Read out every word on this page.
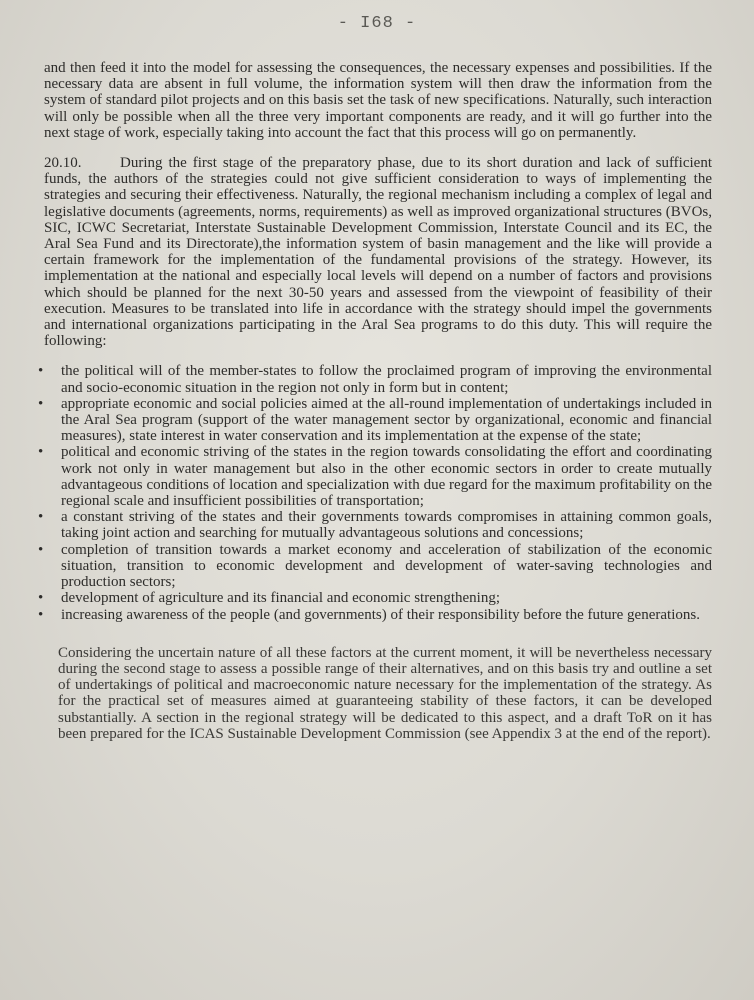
- I68 -

and then feed it into the model for assessing the consequences, the necessary expenses and possibilities. If the necessary data are absent in full volume, the information system will then draw the information from the system of standard pilot projects and on this basis set the task of new specifications. Naturally, such interaction will only be possible when all the three very important components are ready, and it will go further into the next stage of work, especially taking into account the fact that this process will go on permanently.

20.10.	During the first stage of the preparatory phase, due to its short duration and lack of sufficient funds, the authors of the strategies could not give sufficient consideration to ways of implementing the strategies and securing their effectiveness. Naturally, the regional mechanism including a complex of legal and legislative documents (agreements, norms, requirements) as well as improved organizational structures (BVOs, SIC, ICWC Secretariat, Interstate Sustainable Development Commission, Interstate Council and its EC, the Aral Sea Fund and its Directorate),the information system of basin management and the like will provide a certain framework for the implementation of the fundamental provisions of the strategy. However, its implementation at the national and especially local levels will depend on a number of factors and provisions which should be planned for the next 30-50 years and assessed from the viewpoint of feasibility of their execution. Measures to be translated into life in accordance with the strategy should impel the governments and international organizations participating in the Aral Sea programs to do this duty. This will require the following:

• the political will of the member-states to follow the proclaimed program of improving the environmental and socio-economic situation in the region not only in form but in content;
• appropriate economic and social policies aimed at the all-round implementation of undertakings included in the Aral Sea program (support of the water management sector by organizational, economic and financial measures), state interest in water conservation and its implementation at the expense of the state;
• political and economic striving of the states in the region towards consolidating the effort and coordinating work not only in water management but also in the other economic sectors in order to create mutually advantageous conditions of location and specialization with due regard for the maximum profitability on the regional scale and insufficient possibilities of transportation;
• a constant striving of the states and their governments towards compromises in attaining common goals, taking joint action and searching for mutually advantageous solutions and concessions;
• completion of transition towards a market economy and acceleration of stabilization of the economic situation, transition to economic development and development of water-saving technologies and production sectors;
• development of agriculture and its financial and economic strengthening;
• increasing awareness of the people (and governments) of their responsibility before the future generations.

Considering the uncertain nature of all these factors at the current moment, it will be nevertheless necessary during the second stage to assess a possible range of their alternatives, and on this basis try and outline a set of undertakings of political and macroeconomic nature necessary for the implementation of the strategy. As for the practical set of measures aimed at guaranteeing stability of these factors, it can be developed substantially. A section in the regional strategy will be dedicated to this aspect, and a draft ToR on it has been prepared for the ICAS Sustainable Development Commission (see Appendix 3 at the end of the report).
